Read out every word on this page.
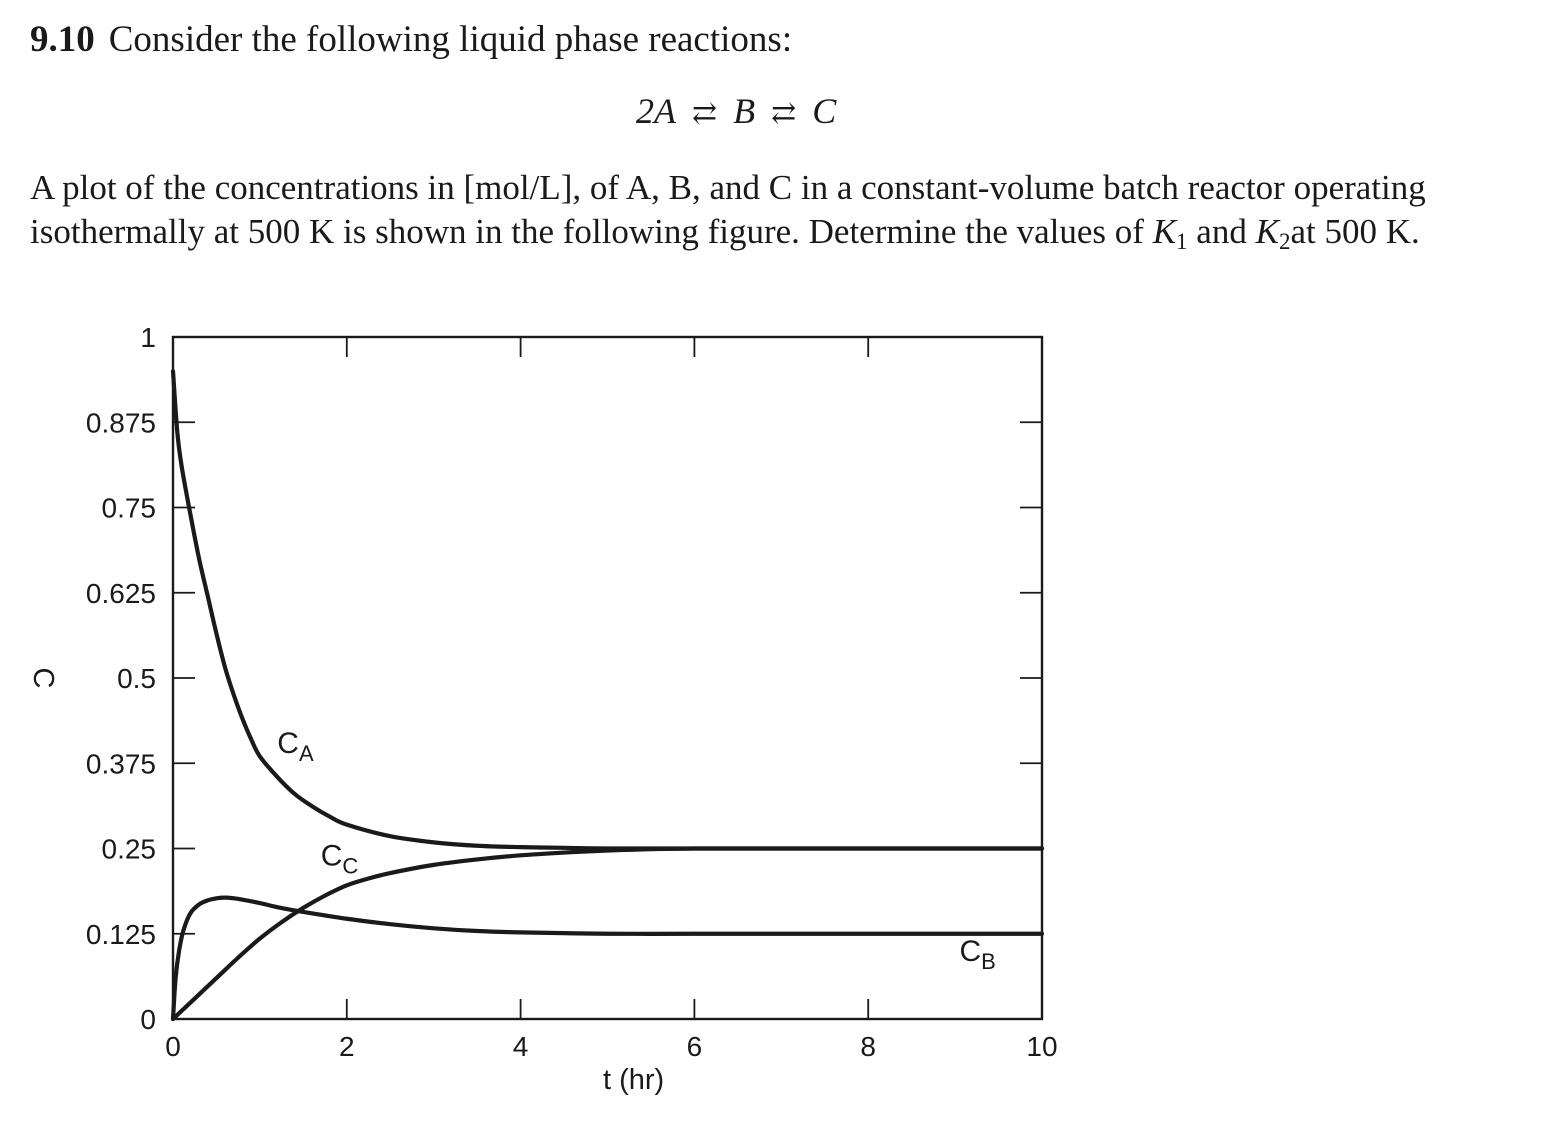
9.10 Consider the following liquid phase reactions:
2A ⇄ B ⇄ C
A plot of the concentrations in [mol/L], of A, B, and C in a constant-volume batch reactor operating isothermally at 500 K is shown in the following figure. Determine the values of $K_1$ and $K_2at$ 500 K.
0	2	4	6	8	10
0
0.125
0.25
0.375
0.5
0.625
0.75
0.875
1
t (hr)
C
$C_A$
$C_B$
$C_C$
